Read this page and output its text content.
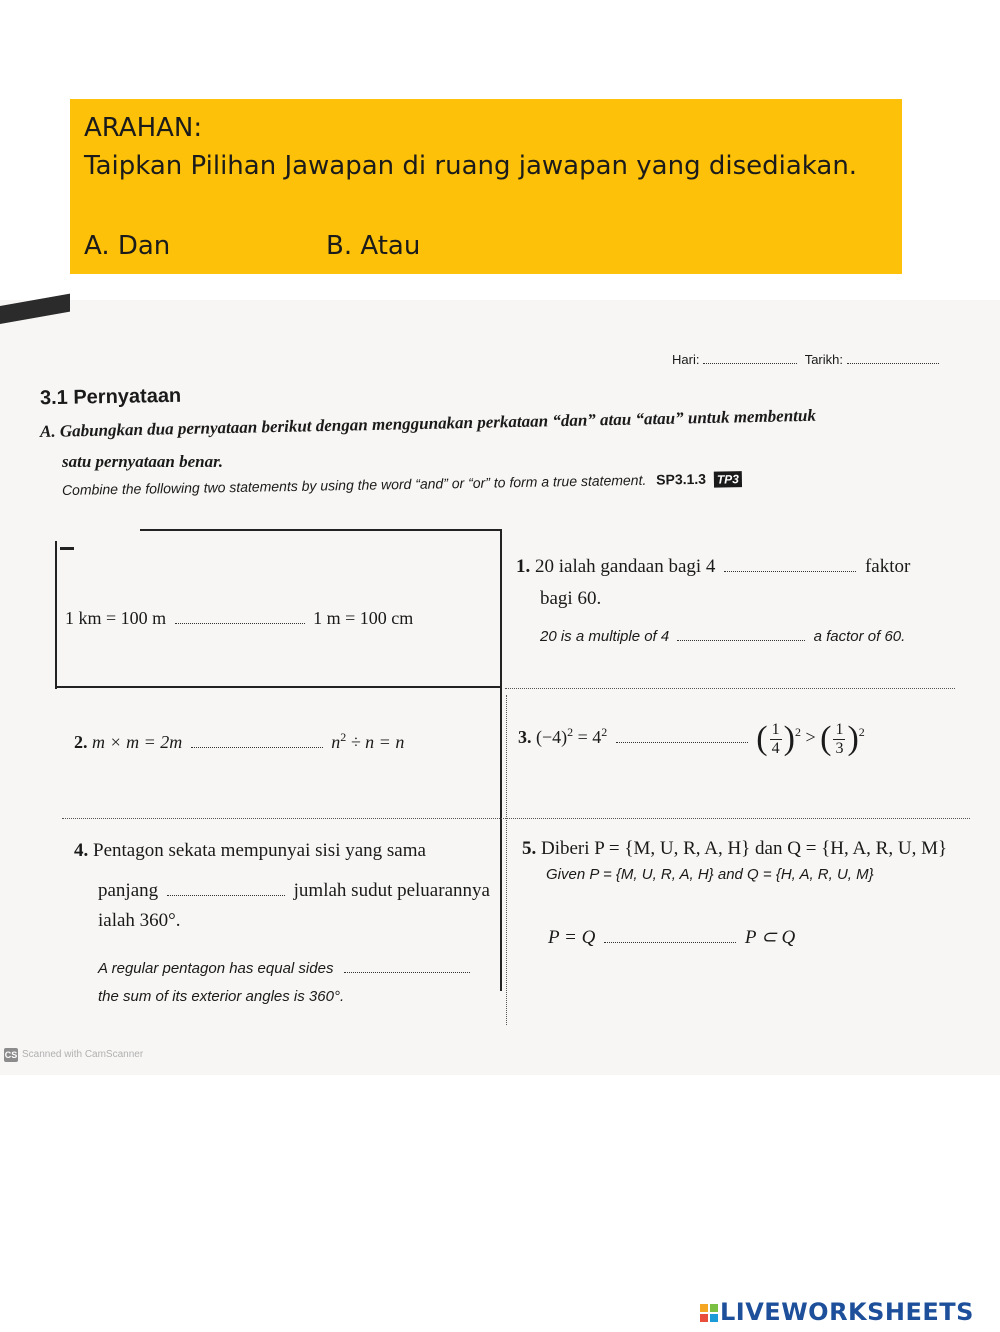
ARAHAN:
Taipkan Pilihan Jawapan di ruang jawapan yang disediakan.
A. Dan	B. Atau
Hari:	Tarikh:
3.1 Pernyataan
A. Gabungkan dua pernyataan berikut dengan menggunakan perkataan “dan” atau “atau” untuk membentuk
satu pernyataan benar.
Combine the following two statements by using the word “and” or “or” to form a true statement. SP3.1.3 TP3
1 km = 100 m	1 m = 100 cm
1. 20 ialah gandaan bagi 4	faktor
bagi 60.
20 is a multiple of 4	a factor of 60.
2. m × m = 2m	$n^2 \div n = n$	3. $(-4)^2 = 4^2$	( $\frac{1}{4} )^2$ > ( $\frac{1}{3} )^2$
4. Pentagon sekata mempunyai sisi yang sama
panjang	jumlah sudut peluarannya
ialah 360°.
A regular pentagon has equal sides
the sum of its exterior angles is 360°.
5. Diberi P = {M, U, R, A, H} dan Q = {H, A, R, U, M}
Given P = {M, U, R, A, H} and Q = {H, A, R, U, M}
P = Q	P ⊂ Q
CS Scanned with CamScanner
LIVEWORKSHEETS
